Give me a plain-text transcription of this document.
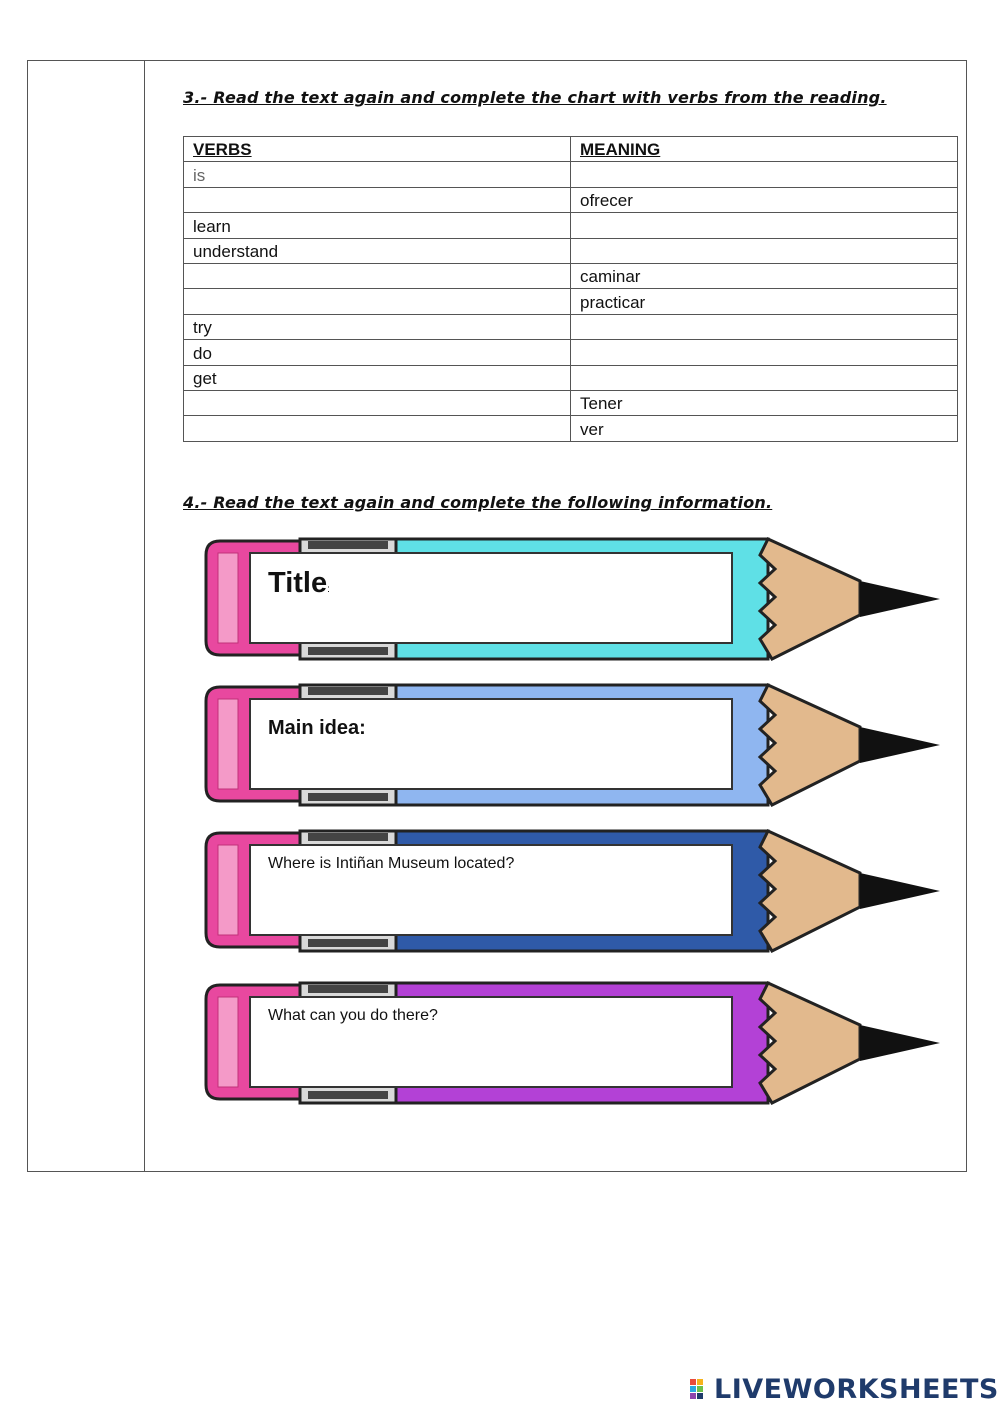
3.- Read the text again and complete the chart with verbs from the reading.
VERBS	MEANING
is	
	ofrecer
learn	
understand	
	caminar
	practicar
try	
do	
get	
	Tener
	ver
4.- Read the text again and complete the following information.
Title:
Main idea:
Where is Intiñan Museum located?
What can you do there?
LIVEWORKSHEETS
